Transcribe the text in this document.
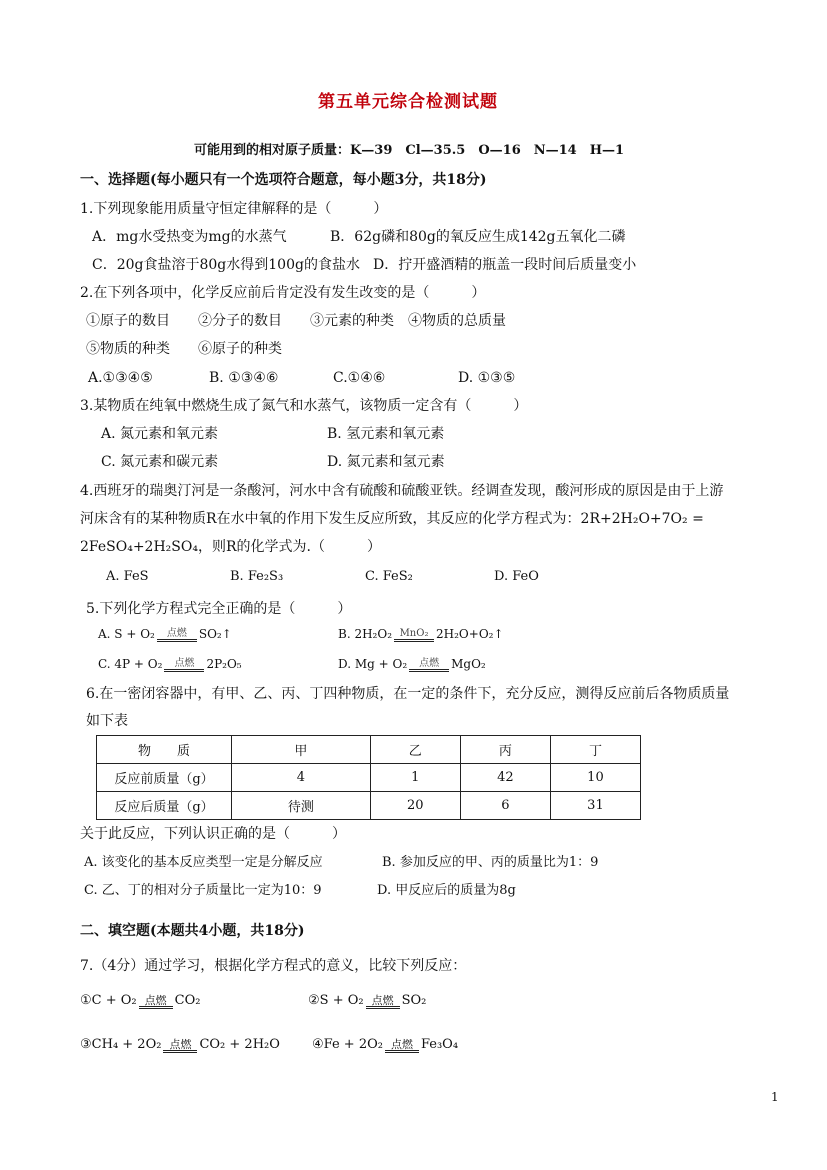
第五单元综合检测试题
可能用到的相对原子质量：K—39　Cl—35.5　O—16　N—14　H—1
一、选择题(每小题只有一个选项符合题意，每小题3分，共18分)
1.下列现象能用质量守恒定律解释的是（　　　）
A．mg水受热变为mg的水蒸气	B．62g磷和80g的氧反应生成142g五氧化二磷
C．20g食盐溶于80g水得到100g的食盐水 D．拧开盛酒精的瓶盖一段时间后质量变小
2.在下列各项中，化学反应前后肯定没有发生改变的是（　　　）
①原子的数目　　②分子的数目　　③元素的种类　④物质的总质量
⑤物质的种类　　⑥原子的种类
A.①③④⑤	B. ①③④⑥	C.①④⑥	D. ①③⑤
3.某物质在纯氧中燃烧生成了氮气和水蒸气，该物质一定含有（　　　）
A. 氮元素和氧元素	B. 氢元素和氧元素
C. 氮元素和碳元素	D. 氮元素和氢元素
4.西班牙的瑞奥汀河是一条酸河，河水中含有硫酸和硫酸亚铁。经调查发现，酸河形成的原因是由于上游
河床含有的某种物质R在水中氧的作用下发生反应所致，其反应的化学方程式为：2R+2H₂O+7O₂ =
2FeSO₄+2H₂SO₄，则R的化学式为.（　　　）
A. FeS	B. Fe₂S₃	C. FeS₂	D. FeO
5.下列化学方程式完全正确的是（　　　）
A. S + O₂ 点燃 SO₂↑	B. 2H₂O₂ MnO₂ 2H₂O+O₂↑
C. 4P + O₂ 点燃 2P₂O₅	D. Mg + O₂ 点燃 MgO₂
6.在一密闭容器中，有甲、乙、丙、丁四种物质，在一定的条件下，充分反应，测得反应前后各物质质量
如下表
物　　质	甲	乙	丙	丁
反应前质量（g）	4	1	42	10
反应后质量（g）	待测	20	6	31
关于此反应，下列认识正确的是（　　　）
A. 该变化的基本反应类型一定是分解反应	B. 参加反应的甲、丙的质量比为1：9
C. 乙、丁的相对分子质量比一定为10：9	D. 甲反应后的质量为8g
二、填空题(本题共4小题，共18分)
7.（4分）通过学习，根据化学方程式的意义，比较下列反应：
①C + O₂ 点燃 CO₂	②S + O₂ 点燃 SO₂
③CH₄ + 2O₂ 点燃 CO₂ + 2H₂O ④Fe + 2O₂ 点燃 Fe₃O₄
1
